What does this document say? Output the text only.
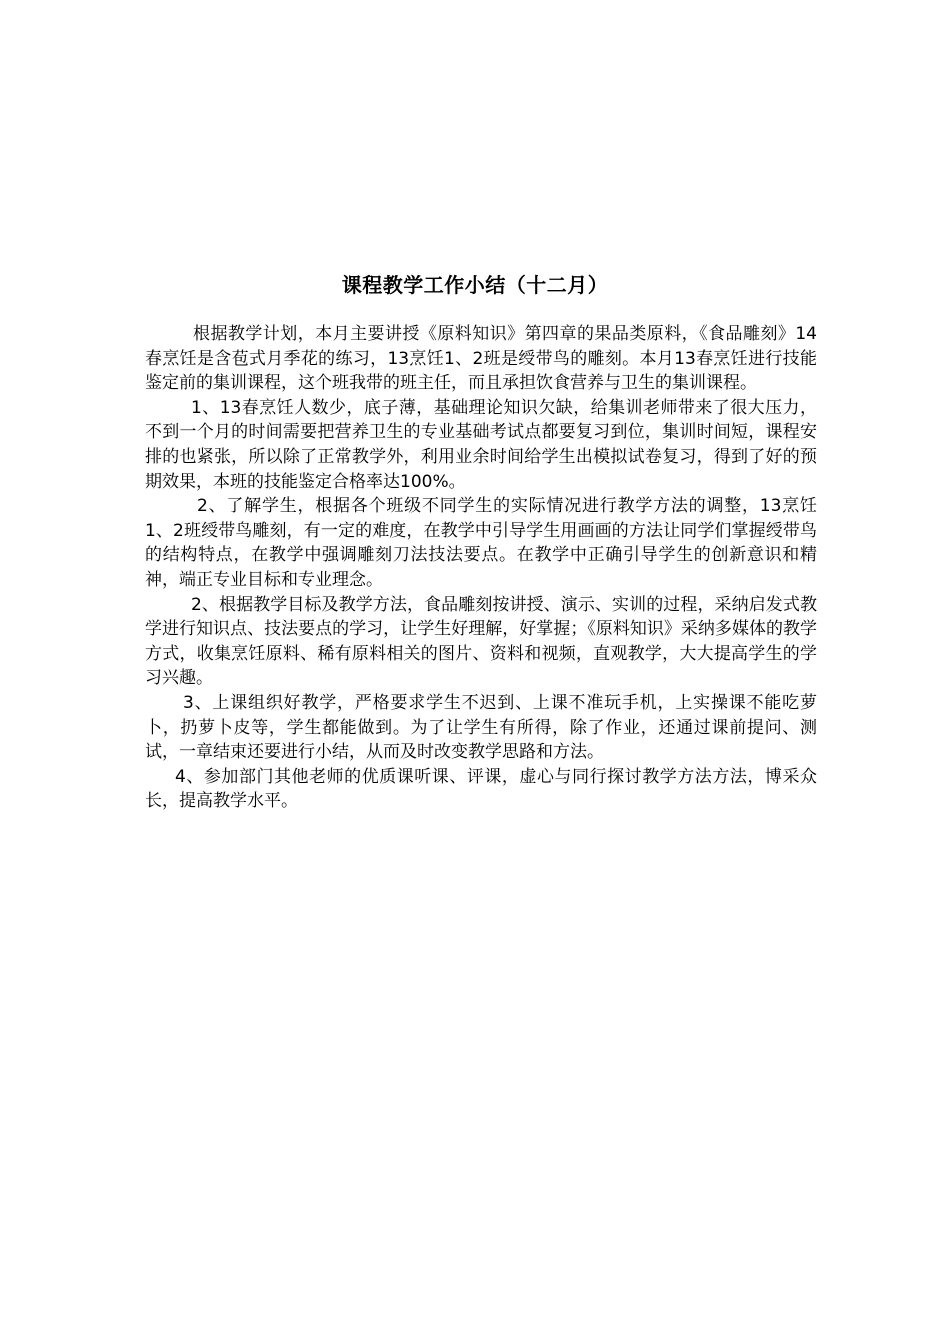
课程教学工作小结（十二月）

根据教学计划，本月主要讲授《原料知识》第四章的果品类原料，《食品雕刻》14春烹饪是含苞式月季花的练习，13烹饪1、2班是绶带鸟的雕刻。本月13春烹饪进行技能鉴定前的集训课程，这个班我带的班主任，而且承担饮食营养与卫生的集训课程。

1、13春烹饪人数少，底子薄，基础理论知识欠缺，给集训老师带来了很大压力，不到一个月的时间需要把营养卫生的专业基础考试点都要复习到位，集训时间短，课程安排的也紧张，所以除了正常教学外，利用业余时间给学生出模拟试卷复习，得到了好的预期效果，本班的技能鉴定合格率达100%。

2、了解学生，根据各个班级不同学生的实际情况进行教学方法的调整，13烹饪1、2班绶带鸟雕刻，有一定的难度，在教学中引导学生用画画的方法让同学们掌握绶带鸟的结构特点，在教学中强调雕刻刀法技法要点。在教学中正确引导学生的创新意识和精神，端正专业目标和专业理念。

2、根据教学目标及教学方法，食品雕刻按讲授、演示、实训的过程，采纳启发式教学进行知识点、技法要点的学习，让学生好理解，好掌握；《原料知识》采纳多媒体的教学方式，收集烹饪原料、稀有原料相关的图片、资料和视频，直观教学，大大提高学生的学习兴趣。

3、上课组织好教学，严格要求学生不迟到、上课不准玩手机，上实操课不能吃萝卜，扔萝卜皮等，学生都能做到。为了让学生有所得，除了作业，还通过课前提问、测试，一章结束还要进行小结，从而及时改变教学思路和方法。

4、参加部门其他老师的优质课听课、评课，虚心与同行探讨教学方法方法，博采众长，提高教学水平。
